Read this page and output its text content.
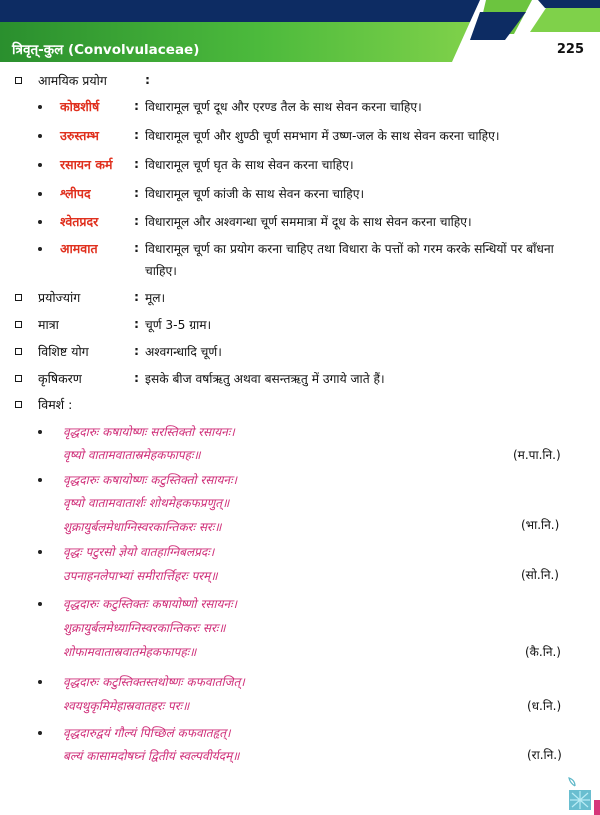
त्रिवृत्-कुल (Convolvulaceae)	225
आमयिक प्रयोग	:
कोष्ठशीर्ष	: विधारामूल चूर्ण दूध और एरण्ड तैल के साथ सेवन करना चाहिए।
उरुस्तम्भ	: विधारामूल चूर्ण और शुण्ठी चूर्ण समभाग में उष्ण-जल के साथ सेवन करना चाहिए।
रसायन कर्म : विधारामूल चूर्ण घृत के साथ सेवन करना चाहिए।
श्लीपद	: विधारामूल चूर्ण कांजी के साथ सेवन करना चाहिए।
श्वेतप्रदर	: विधारामूल और अश्वगन्धा चूर्ण सममात्रा में दूध के साथ सेवन करना चाहिए।
आमवात	: विधारामूल चूर्ण का प्रयोग करना चाहिए तथा विधारा के पत्तों को गरम करके सन्धियों पर बाँधना
चाहिए।
प्रयोज्यांग	: मूल।
मात्रा	: चूर्ण 3-5 ग्राम।
विशिष्ट योग	: अश्वगन्धादि चूर्ण।
कृषिकरण	: इसके बीज वर्षाऋतु अथवा बसन्तऋतु में उगाये जाते हैं।
विमर्श :
वृद्धदारुः कषायोष्णः सरस्तिक्तो रसायनः।
वृष्यो वातामवातास्रमेहकफापहः॥	(म.पा.नि.)
वृद्धदारुः कषायोष्णः कटुस्तिक्तो रसायनः।
वृष्यो वातामवातार्शः शोथमेहकफप्रणुत्॥
शुक्रायुर्बलमेधाग्निस्वरकान्तिकरः सरः॥	(भा.नि.)
वृद्धः पटुरसो ज्ञेयो वातहाग्निबलप्रदः।
उपनाहनलेपाभ्यां समीरार्त्तिहरः परम्॥	(सो.नि.)
वृद्धदारुः कटुस्तिक्तः कषायोष्णो रसायनः।
शुक्रायुर्बलमेध्याग्निस्वरकान्तिकरः सरः॥
शोफामवातास्रवातमेहकफापहः॥	(कै.नि.)
वृद्धदारुः कटुस्तिक्तस्तथोष्णः कफवातजित्।
श्वयथुकृमिमेहास्रवातहरः परः॥	(ध.नि.)
वृद्धदारुद्वयं गौल्यं पिच्छिलं कफवातहृत्।
बल्यं कासामदोषघ्नं द्वितीयं स्वल्पवीर्यदम्॥	(रा.नि.)
